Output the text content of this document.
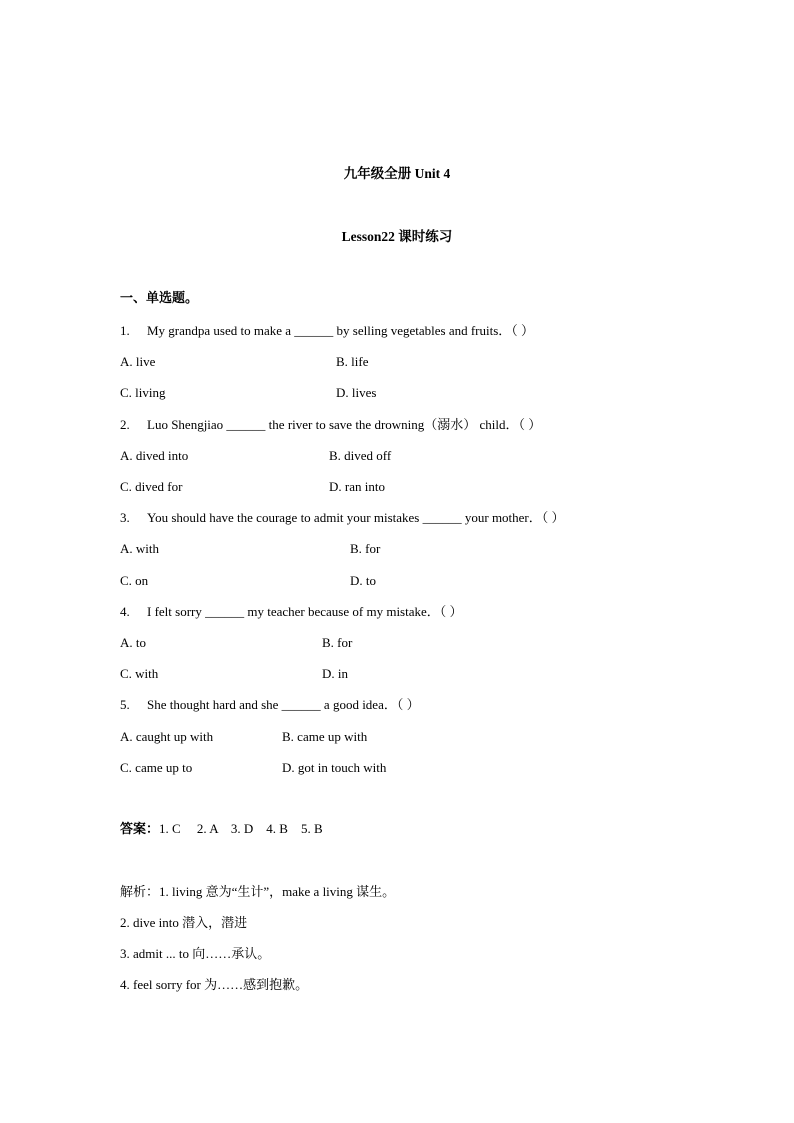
九年级全册 Unit 4
Lesson22 课时练习
一、单选题。
1. My grandpa used to make a ______ by selling vegetables and fruits．（ ）
A. live	B. life
C. living	D. lives
2. Luo Shengjiao ______ the river to save the drowning（溺水） child．（ ）
A. dived into	B. dived off
C. dived for	D. ran into
3. You should have the courage to admit your mistakes ______ your mother．（ ）
A. with	B. for
C. on	D. to
4. I felt sorry ______ my teacher because of my mistake．（ ）
A. to	B. for
C. with	D. in
5. She thought hard and she ______ a good idea．（ ）
A. caught up with	B. came up with
C. came up to	D. got in touch with
答案：1. C     2. A    3. D    4. B    5. B
解析：1. living 意为“生计”，make a living 谋生。
2. dive into 潜入，潜进
3. admit ... to 向……承认。
4. feel sorry for 为……感到抱歉。
